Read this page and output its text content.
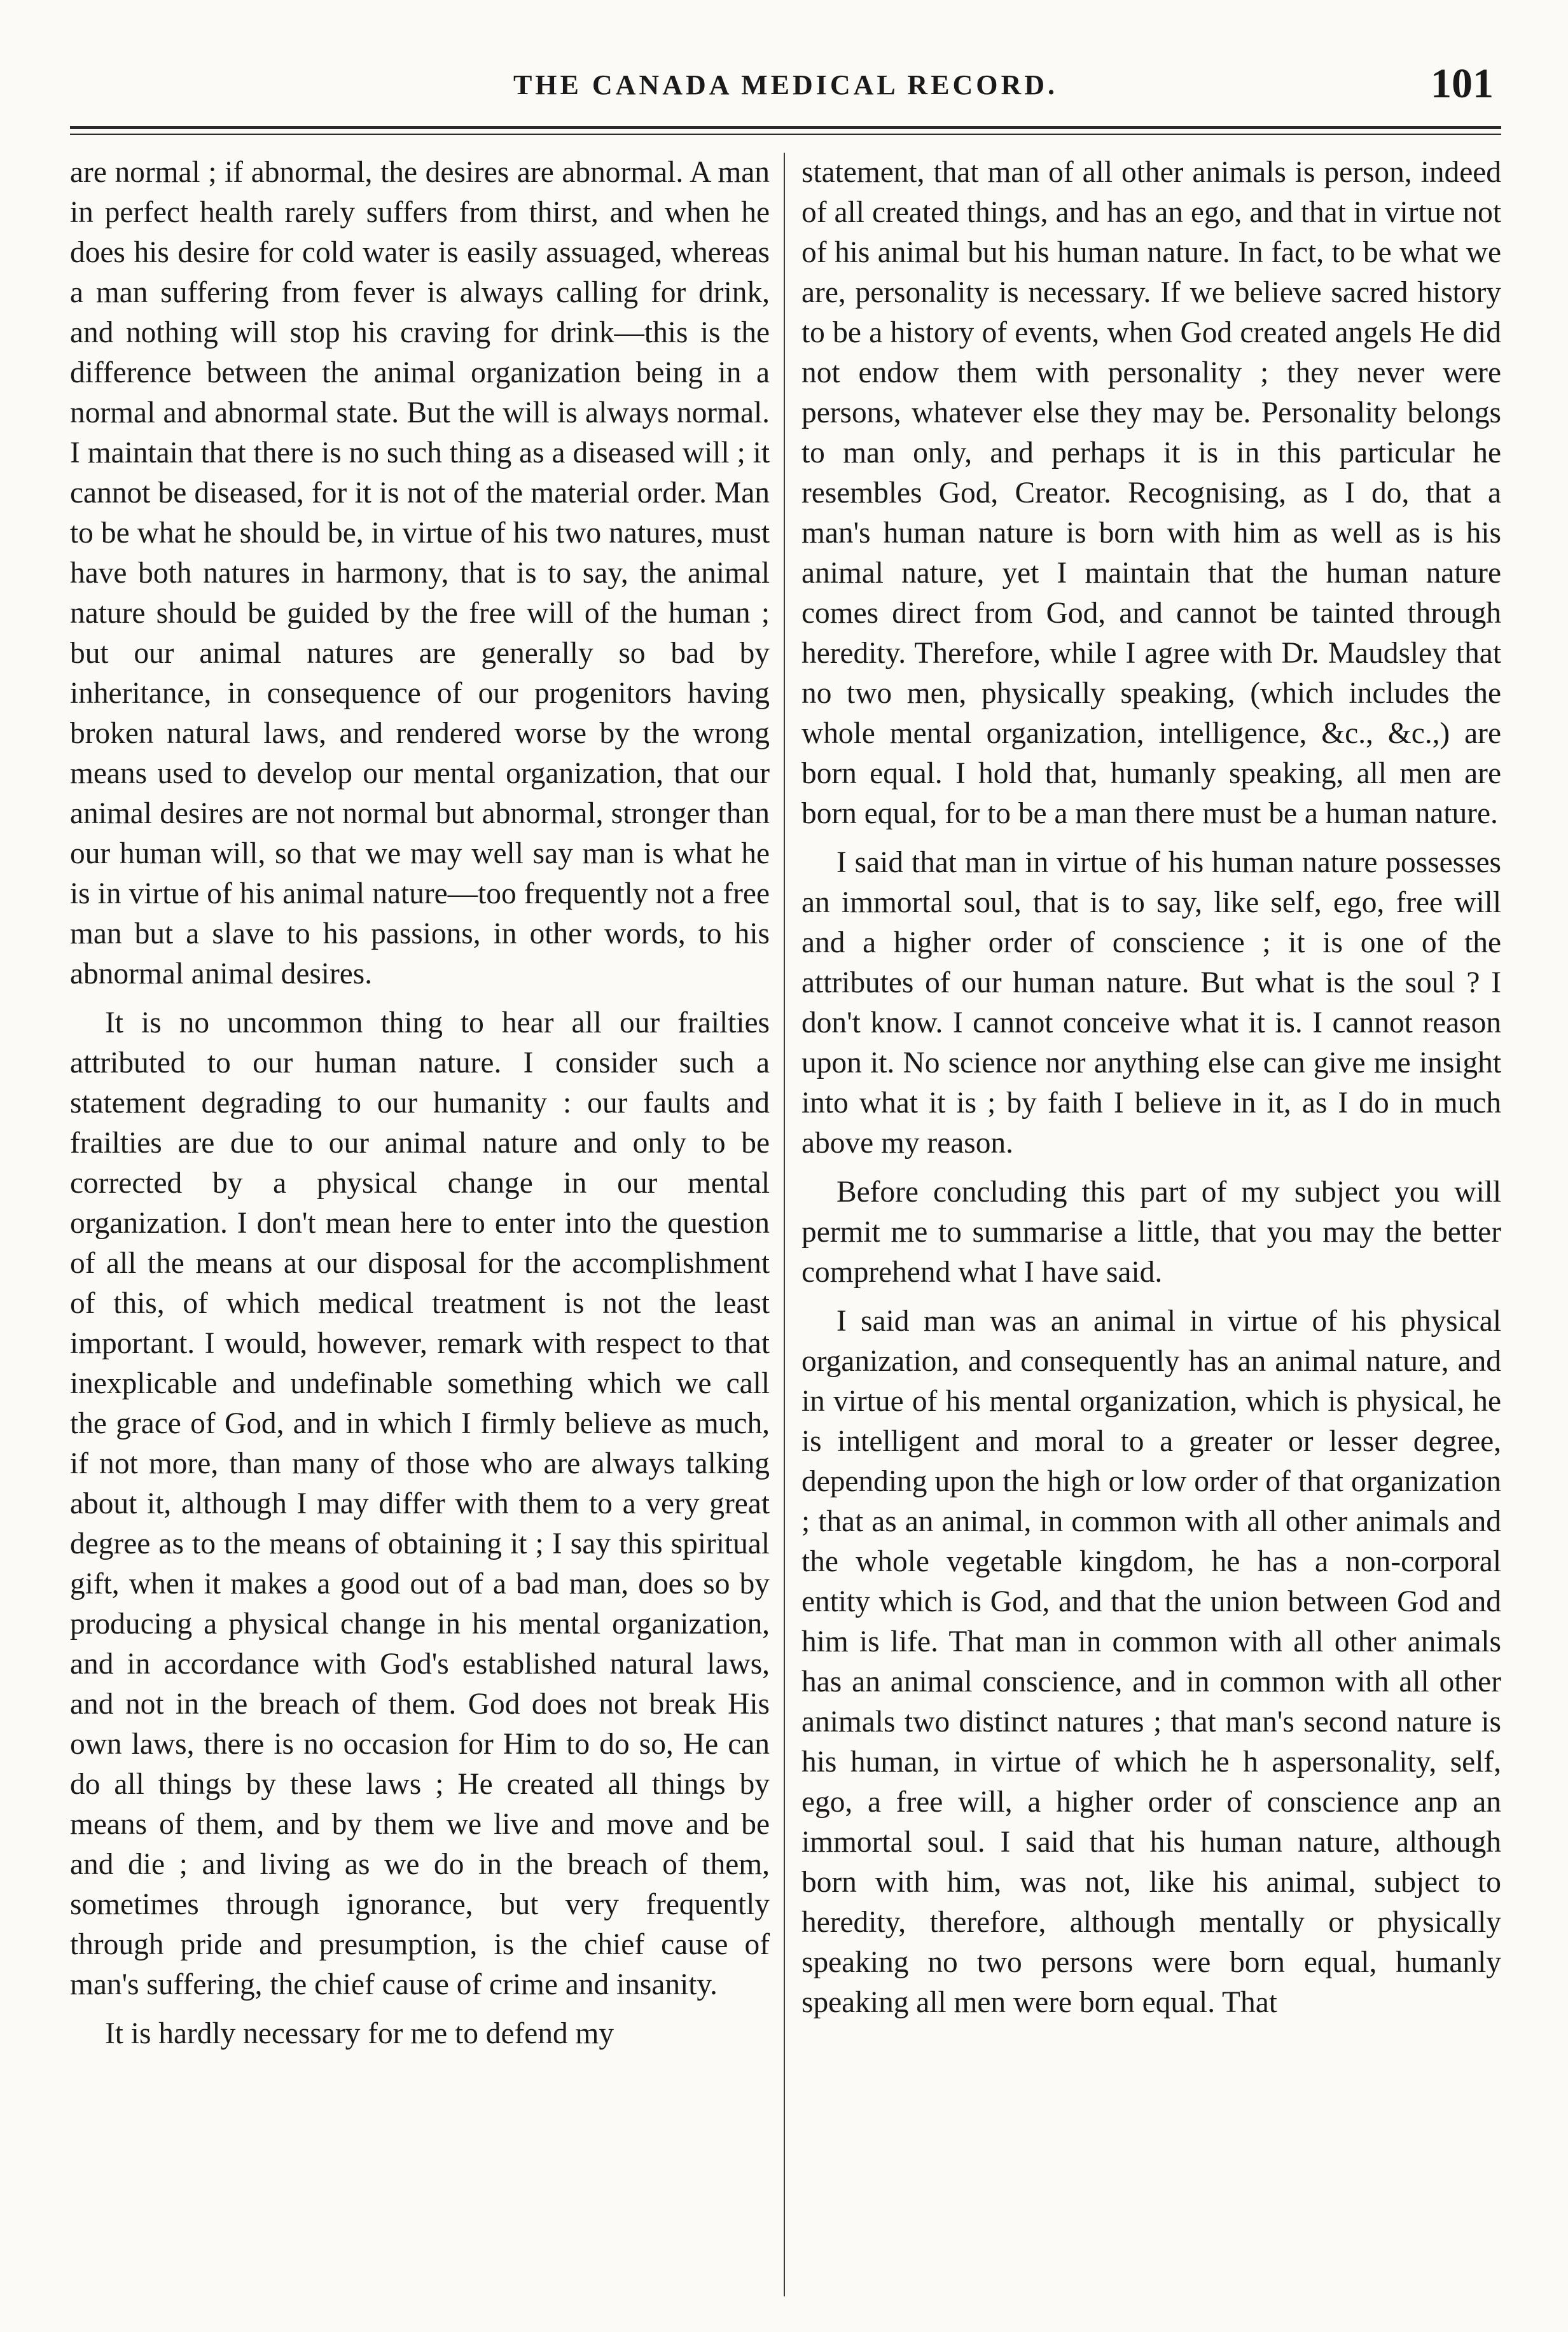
THE CANADA MEDICAL RECORD.	101

are normal ; if abnormal, the desires are abnormal. A man in perfect health rarely suffers from thirst, and when he does his desire for cold water is easily assuaged, whereas a man suffering from fever is always calling for drink, and nothing will stop his craving for drink—this is the difference between the animal organization being in a normal and abnormal state. But the will is always normal. I maintain that there is no such thing as a diseased will ; it cannot be diseased, for it is not of the material order. Man to be what he should be, in virtue of his two natures, must have both natures in harmony, that is to say, the animal nature should be guided by the free will of the human ; but our animal natures are generally so bad by inheritance, in consequence of our progenitors having broken natural laws, and rendered worse by the wrong means used to develop our mental organization, that our animal desires are not normal but abnormal, stronger than our human will, so that we may well say man is what he is in virtue of his animal nature—too frequently not a free man but a slave to his passions, in other words, to his abnormal animal desires.

It is no uncommon thing to hear all our frailties attributed to our human nature. I consider such a statement degrading to our humanity : our faults and frailties are due to our animal nature and only to be corrected by a physical change in our mental organization. I don't mean here to enter into the question of all the means at our disposal for the accomplishment of this, of which medical treatment is not the least important. I would, however, remark with respect to that inexplicable and undefinable something which we call the grace of God, and in which I firmly believe as much, if not more, than many of those who are always talking about it, although I may differ with them to a very great degree as to the means of obtaining it ; I say this spiritual gift, when it makes a good out of a bad man, does so by producing a physical change in his mental organization, and in accordance with God's established natural laws, and not in the breach of them. God does not break His own laws, there is no occasion for Him to do so, He can do all things by these laws ; He created all things by means of them, and by them we live and move and be and die ; and living as we do in the breach of them, sometimes through ignorance, but very frequently through pride and presumption, is the chief cause of man's suffering, the chief cause of crime and insanity.

It is hardly necessary for me to defend my

statement, that man of all other animals is person, indeed of all created things, and has an ego, and that in virtue not of his animal but his human nature. In fact, to be what we are, personality is necessary. If we believe sacred history to be a history of events, when God created angels He did not endow them with personality ; they never were persons, whatever else they may be. Personality belongs to man only, and perhaps it is in this particular he resembles God, Creator. Recognising, as I do, that a man's human nature is born with him as well as is his animal nature, yet I maintain that the human nature comes direct from God, and cannot be tainted through heredity. Therefore, while I agree with Dr. Maudsley that no two men, physically speaking, (which includes the whole mental organization, intelligence, &c., &c.,) are born equal. I hold that, humanly speaking, all men are born equal, for to be a man there must be a human nature.

I said that man in virtue of his human nature possesses an immortal soul, that is to say, like self, ego, free will and a higher order of conscience ; it is one of the attributes of our human nature. But what is the soul ? I don't know. I cannot conceive what it is. I cannot reason upon it. No science nor anything else can give me insight into what it is ; by faith I believe in it, as I do in much above my reason.

Before concluding this part of my subject you will permit me to summarise a little, that you may the better comprehend what I have said.

I said man was an animal in virtue of his physical organization, and consequently has an animal nature, and in virtue of his mental organization, which is physical, he is intelligent and moral to a greater or lesser degree, depending upon the high or low order of that organization ; that as an animal, in common with all other animals and the whole vegetable kingdom, he has a non-corporal entity which is God, and that the union between God and him is life. That man in common with all other animals has an animal conscience, and in common with all other animals two distinct natures ; that man's second nature is his human, in virtue of which he h aspersonality, self, ego, a free will, a higher order of conscience anp an immortal soul. I said that his human nature, although born with him, was not, like his animal, subject to heredity, therefore, although mentally or physically speaking no two persons were born equal, humanly speaking all men were born equal. That
